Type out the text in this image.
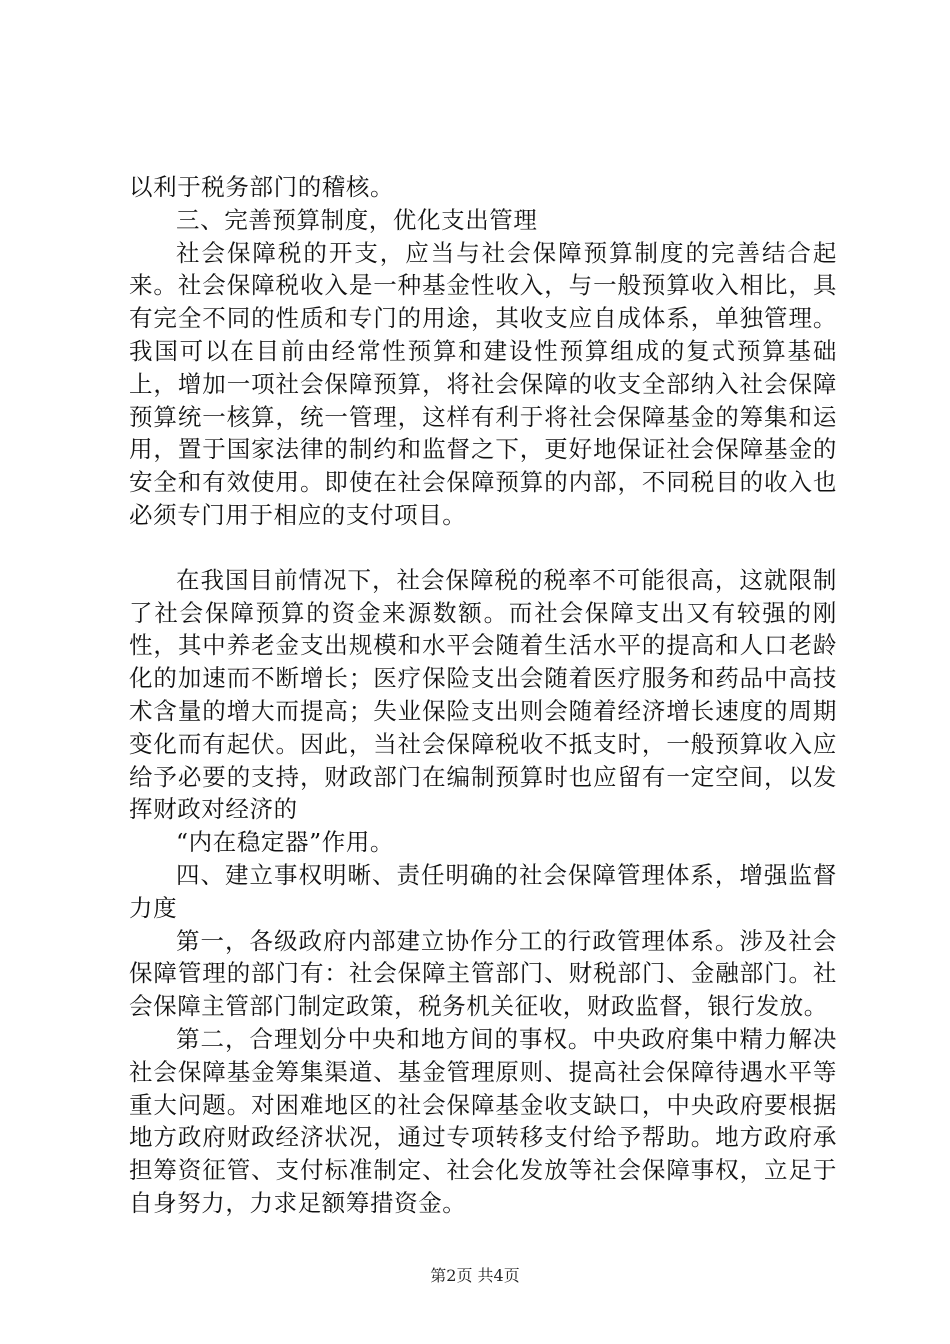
以利于税务部门的稽核。

三、完善预算制度，优化支出管理

社会保障税的开支，应当与社会保障预算制度的完善结合起来。社会保障税收入是一种基金性收入，与一般预算收入相比，具有完全不同的性质和专门的用途，其收支应自成体系，单独管理。我国可以在目前由经常性预算和建设性预算组成的复式预算基础上，增加一项社会保障预算，将社会保障的收支全部纳入社会保障预算统一核算，统一管理，这样有利于将社会保障基金的筹集和运用，置于国家法律的制约和监督之下，更好地保证社会保障基金的安全和有效使用。即使在社会保障预算的内部，不同税目的收入也必须专门用于相应的支付项目。

在我国目前情况下，社会保障税的税率不可能很高，这就限制了社会保障预算的资金来源数额。而社会保障支出又有较强的刚性，其中养老金支出规模和水平会随着生活水平的提高和人口老龄化的加速而不断增长；医疗保险支出会随着医疗服务和药品中高技术含量的增大而提高；失业保险支出则会随着经济增长速度的周期变化而有起伏。因此，当社会保障税收不抵支时，一般预算收入应给予必要的支持，财政部门在编制预算时也应留有一定空间，以发挥财政对经济的

“内在稳定器”作用。

四、建立事权明晰、责任明确的社会保障管理体系，增强监督力度

第一，各级政府内部建立协作分工的行政管理体系。涉及社会保障管理的部门有：社会保障主管部门、财税部门、金融部门。社会保障主管部门制定政策，税务机关征收，财政监督，银行发放。

第二，合理划分中央和地方间的事权。中央政府集中精力解决社会保障基金筹集渠道、基金管理原则、提高社会保障待遇水平等重大问题。对困难地区的社会保障基金收支缺口，中央政府要根据地方政府财政经济状况，通过专项转移支付给予帮助。地方政府承担筹资征管、支付标准制定、社会化发放等社会保障事权，立足于自身努力，力求足额筹措资金。

第2页 共4页
